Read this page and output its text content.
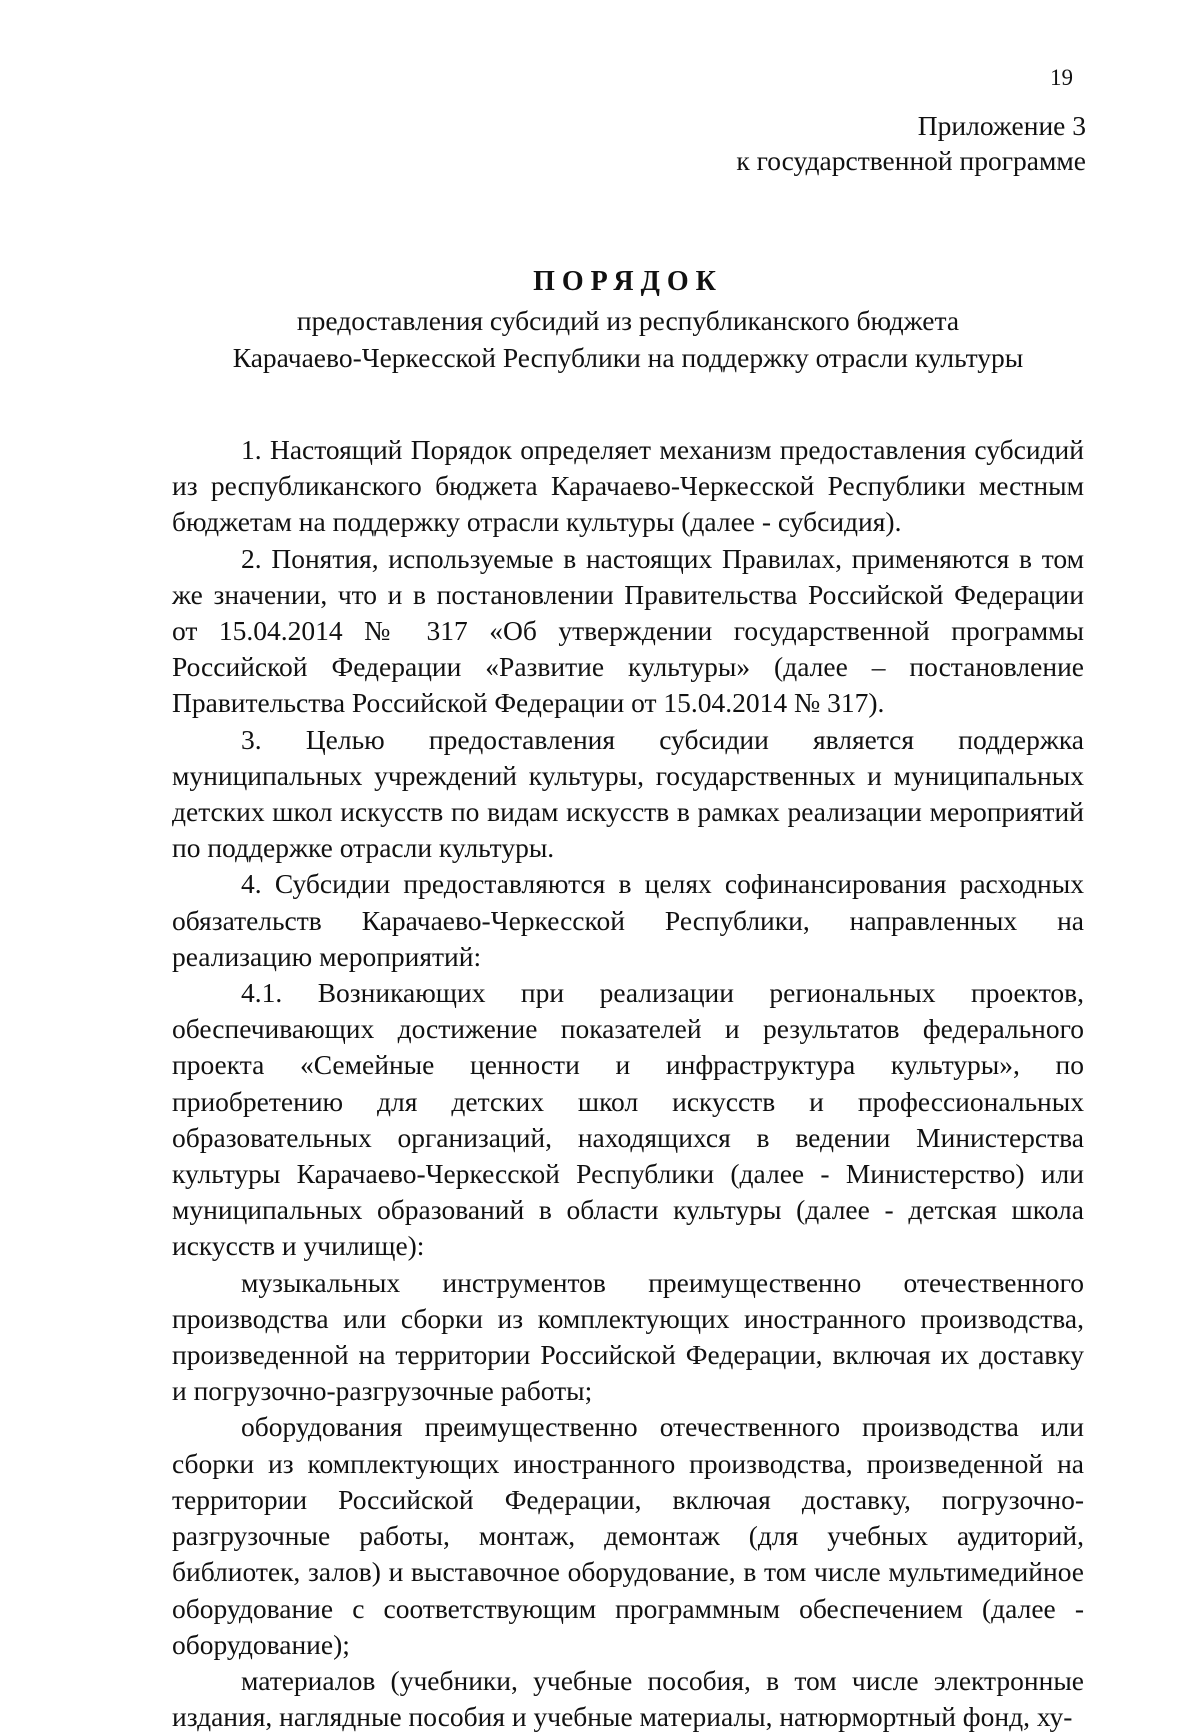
19
Приложение 3
к государственной программе

ПОРЯДОК

предоставления субсидий из республиканского бюджета

Карачаево-Черкесской Республики на поддержку отрасли культуры

1. Настоящий Порядок определяет механизм предоставления субсидий из республиканского бюджета Карачаево-Черкесской Республики местным бюджетам на поддержку отрасли культуры (далее - субсидия).

2. Понятия, используемые в настоящих Правилах, применяются в том же значении, что и в постановлении Правительства Российской Федерации от 15.04.2014 № 317 «Об утверждении государственной программы Российской Федерации «Развитие культуры» (далее – постановление Правительства Российской Федерации от 15.04.2014 № 317).

3. Целью предоставления субсидии является поддержка муниципальных учреждений культуры, государственных и муниципальных детских школ искусств по видам искусств в рамках реализации мероприятий по поддержке отрасли культуры.

4. Субсидии предоставляются в целях софинансирования расходных обязательств Карачаево-Черкесской Республики, направленных на реализацию мероприятий:

4.1. Возникающих при реализации региональных проектов, обеспечивающих достижение показателей и результатов федерального проекта «Семейные ценности и инфраструктура культуры», по приобретению для детских школ искусств и профессиональных образовательных организаций, находящихся в ведении Министерства культуры Карачаево-Черкесской Республики (далее - Министерство) или муниципальных образований в области культуры (далее - детская школа искусств и училище):

музыкальных инструментов преимущественно отечественного производства или сборки из комплектующих иностранного производства, произведенной на территории Российской Федерации, включая их доставку и погрузочно-разгрузочные работы;

оборудования преимущественно отечественного производства или сборки из комплектующих иностранного производства, произведенной на территории Российской Федерации, включая доставку, погрузочно-разгрузочные работы, монтаж, демонтаж (для учебных аудиторий, библиотек, залов) и выставочное оборудование, в том числе мультимедийное оборудование с соответствующим программным обеспечением (далее - оборудование);

материалов (учебники, учебные пособия, в том числе электронные издания, наглядные пособия и учебные материалы, натюрмортный фонд, ху-
